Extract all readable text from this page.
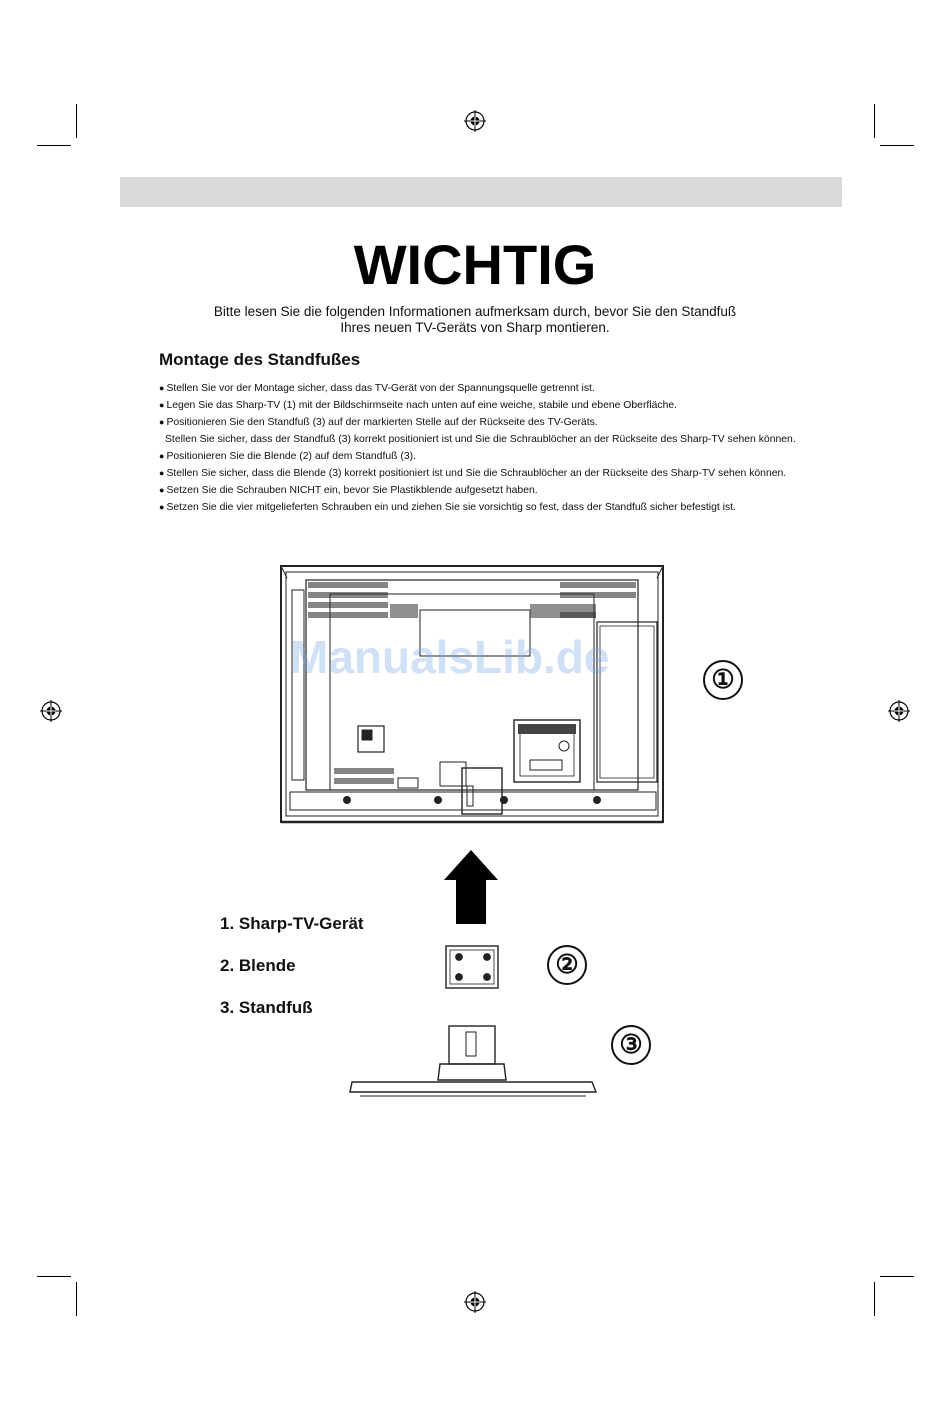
WICHTIG
Bitte lesen Sie die folgenden Informationen aufmerksam durch, bevor Sie den Standfuß
Ihres neuen TV-Geräts von Sharp montieren.
Montage des Standfußes
● Stellen Sie vor der Montage sicher, dass das TV-Gerät von der Spannungsquelle getrennt ist.
● Legen Sie das Sharp-TV (1) mit der Bildschirmseite nach unten auf eine weiche, stabile und ebene Oberfläche.
● Positionieren Sie den Standfuß (3) auf der markierten Stelle auf der Rückseite des TV-Geräts.
Stellen Sie sicher, dass der Standfuß (3) korrekt positioniert ist und Sie die Schraublöcher an der Rückseite des Sharp-TV sehen können.
● Positionieren Sie die Blende (2) auf dem Standfuß (3).
● Stellen Sie sicher, dass die Blende (3) korrekt positioniert ist und Sie die Schraublöcher an der Rückseite des Sharp-TV sehen können.
● Setzen Sie die Schrauben NICHT ein, bevor Sie Plastikblende aufgesetzt haben.
● Setzen Sie die vier mitgelieferten Schrauben ein und ziehen Sie sie vorsichtig so fest, dass der Standfuß sicher befestigt ist.
ManualsLib.de	①
②
③
1. Sharp-TV-Gerät
2. Blende
3. Standfuß
